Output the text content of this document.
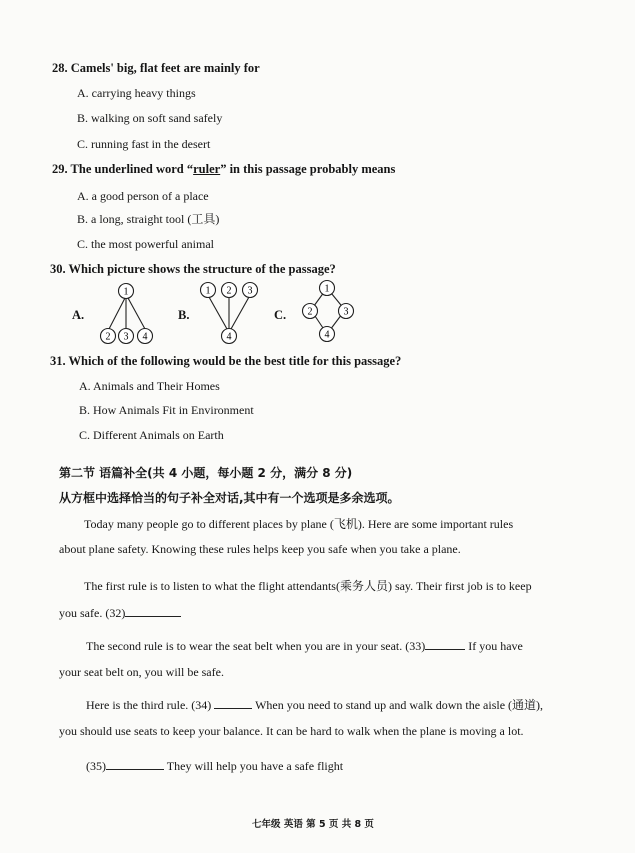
28. Camels' big, flat feet are mainly for
A. carrying heavy things
B. walking on soft sand safely
C. running fast in the desert
29. The underlined word “ruler” in this passage probably means
A. a good person of a place
B. a long, straight tool (工具)
C. the most powerful animal
30. Which picture shows the structure of the passage?
A.
1
2 3 4
B.
1 2 3
4
C.
1
2	3
4
31. Which of the following would be the best title for this passage?
A. Animals and Their Homes
B. How Animals Fit in Environment
C. Different Animals on Earth
第二节 语篇补全(共 4 小题，每小题 2 分，满分 8 分)
从方框中选择恰当的句子补全对话,其中有一个选项是多余选项。
Today many people go to different places by plane (飞机). Here are some important rules
about plane safety. Knowing these rules helps keep you safe when you take a plane.
The first rule is to listen to what the flight attendants(乘务人员) say. Their first job is to keep
you safe. (32)
The second rule is to wear the seat belt when you are in your seat. (33)	If you have
your seat belt on, you will be safe.
Here is the third rule. (34)	When you need to stand up and walk down the aisle (通道),
you should use seats to keep your balance. It can be hard to walk when the plane is moving a lot.
(35)	They will help you have a safe flight
七年级 英语 第 5 页 共 8 页
